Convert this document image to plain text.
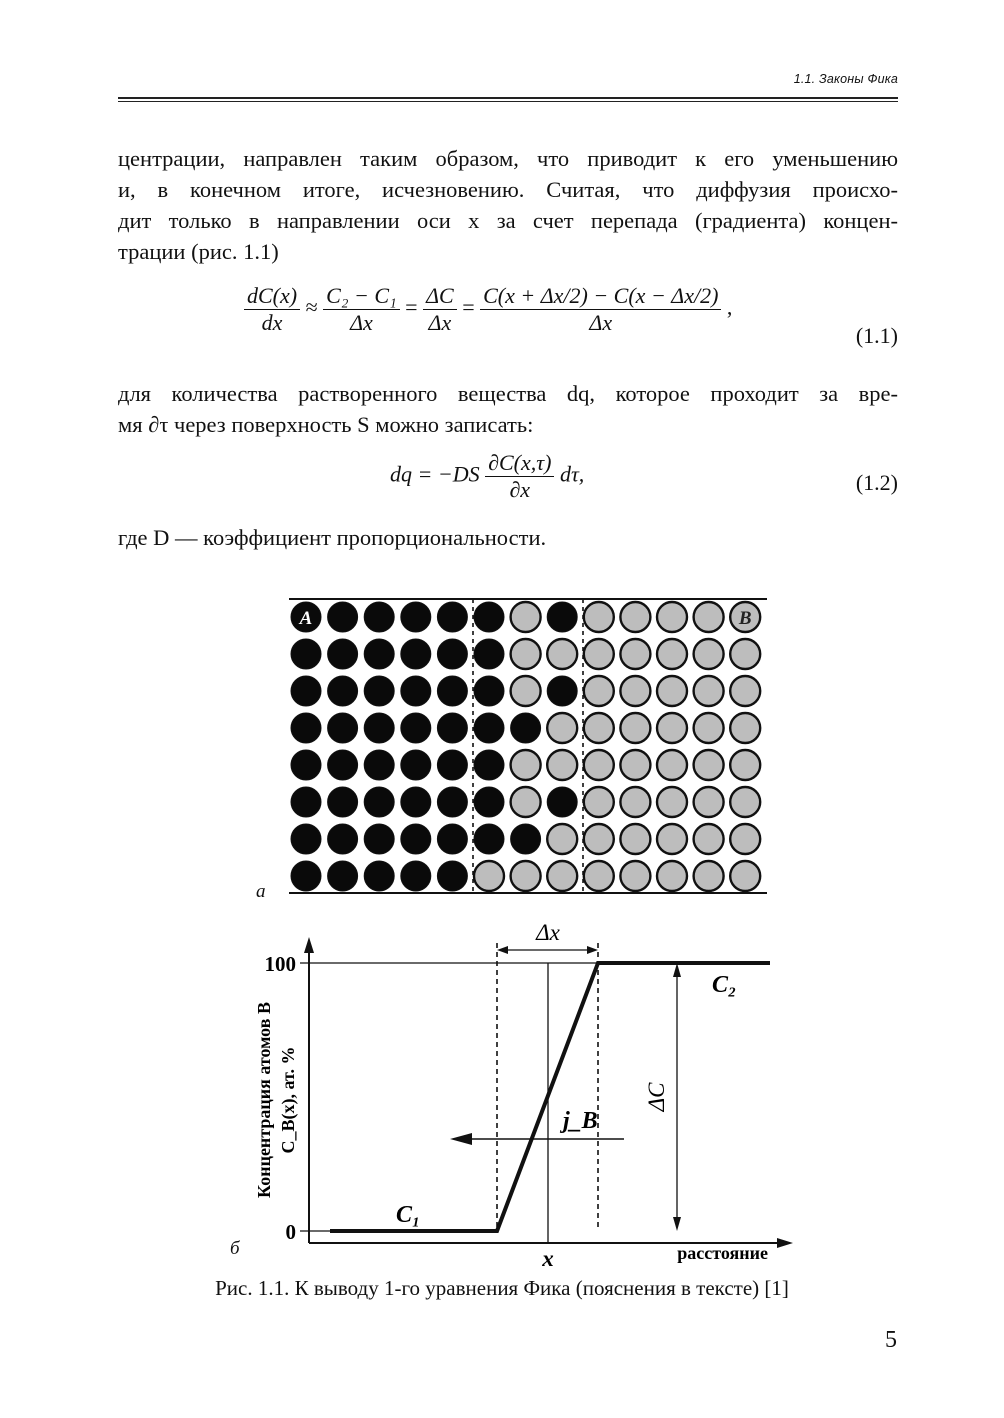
1.1. Законы Фика
центрации, направлен таким образом, что приводит к его уменьшению
и, в конечном итоге, исчезновению. Считая, что диффузия происхо-
дит только в направлении оси x за счет перепада (градиента) концен-
трации (рис. 1.1)
$\frac{dC(x)}{dx} \approx \frac{\text{C₂ − C₁}}{\Delta x} = \frac{\Delta C}{\Delta x} = \frac{C(x + \Delta x/2) - C(x - \Delta x/2)}{\Delta x}$ ,
(1.1)
для количества растворенного вещества dq, которое проходит за вре-
мя ∂τ через поверхность S можно записать:
dq = $-DS \frac{\partial C(x,\tau)}{\partial x} d\tau$,	(1.2)
где D — коэффициент пропорциональности.
A	B
а
100
0
Δx
ΔC
C₂
C₁
j_B
x	расстояние
Концентрация атомов B C_B(x), ат. %
б
Рис. 1.1. К выводу 1-го уравнения Фика (пояснения в тексте) [1]
5
